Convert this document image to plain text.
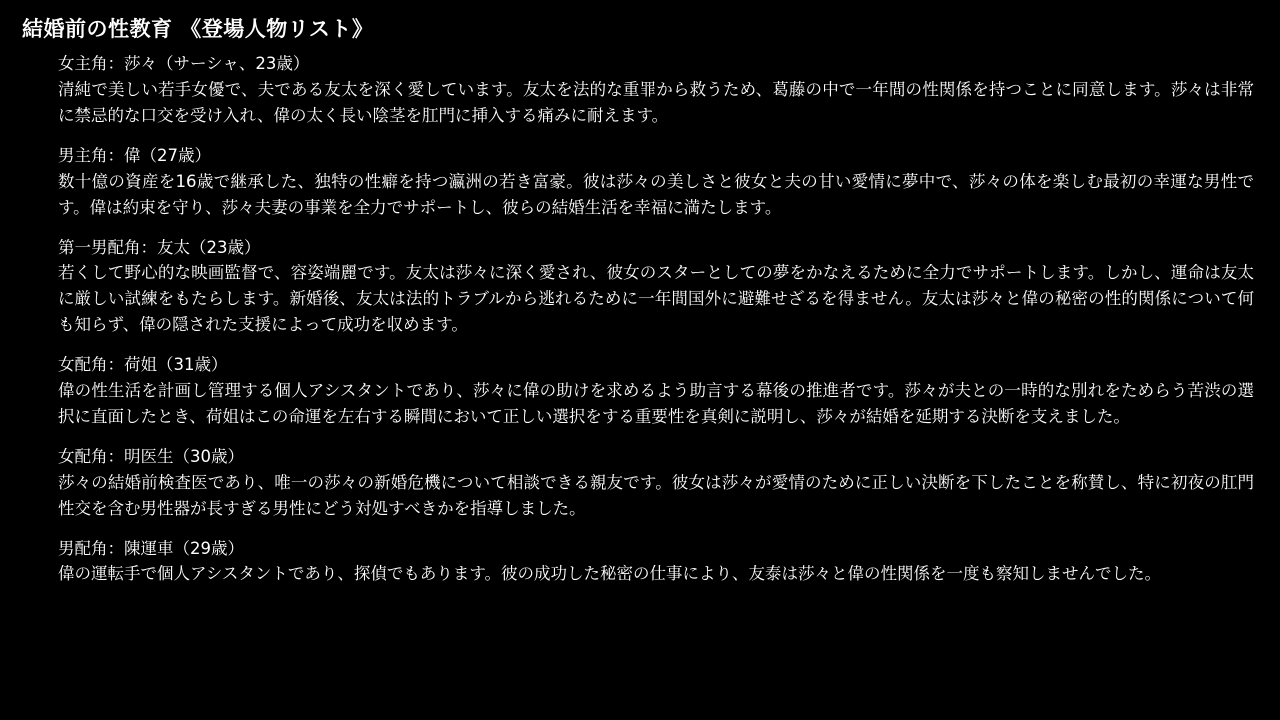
結婚前の性教育 《登場人物リスト》

女主角：莎々（サーシャ、23歳）

清純で美しい若手女優で、夫である友太を深く愛しています。友太を法的な重罪から救うため、葛藤の中で一年間の性関係を持つことに同意します。莎々は非常に禁忌的な口交を受け入れ、偉の太く長い陰茎を肛門に挿入する痛みに耐えます。

男主角：偉（27歳）

数十億の資産を16歳で継承した、独特の性癖を持つ瀛洲の若き富豪。彼は莎々の美しさと彼女と夫の甘い愛情に夢中で、莎々の体を楽しむ最初の幸運な男性です。偉は約束を守り、莎々夫妻の事業を全力でサポートし、彼らの結婚生活を幸福に満たします。

第一男配角：友太（23歳）

若くして野心的な映画監督で、容姿端麗です。友太は莎々に深く愛され、彼女のスターとしての夢をかなえるために全力でサポートします。しかし、運命は友太に厳しい試練をもたらします。新婚後、友太は法的トラブルから逃れるために一年間国外に避難せざるを得ません。友太は莎々と偉の秘密の性的関係について何も知らず、偉の隠された支援によって成功を収めます。

女配角：荷姐（31歳）

偉の性生活を計画し管理する個人アシスタントであり、莎々に偉の助けを求めるよう助言する幕後の推進者です。莎々が夫との一時的な別れをためらう苦渋の選択に直面したとき、荷姐はこの命運を左右する瞬間において正しい選択をする重要性を真剣に説明し、莎々が結婚を延期する決断を支えました。

女配角：明医生（30歳）

莎々の結婚前検査医であり、唯一の莎々の新婚危機について相談できる親友です。彼女は莎々が愛情のために正しい決断を下したことを称賛し、特に初夜の肛門性交を含む男性器が長すぎる男性にどう対処すべきかを指導しました。

男配角：陳運車（29歳）

偉の運転手で個人アシスタントであり、探偵でもあります。彼の成功した秘密の仕事により、友泰は莎々と偉の性関係を一度も察知しませんでした。
